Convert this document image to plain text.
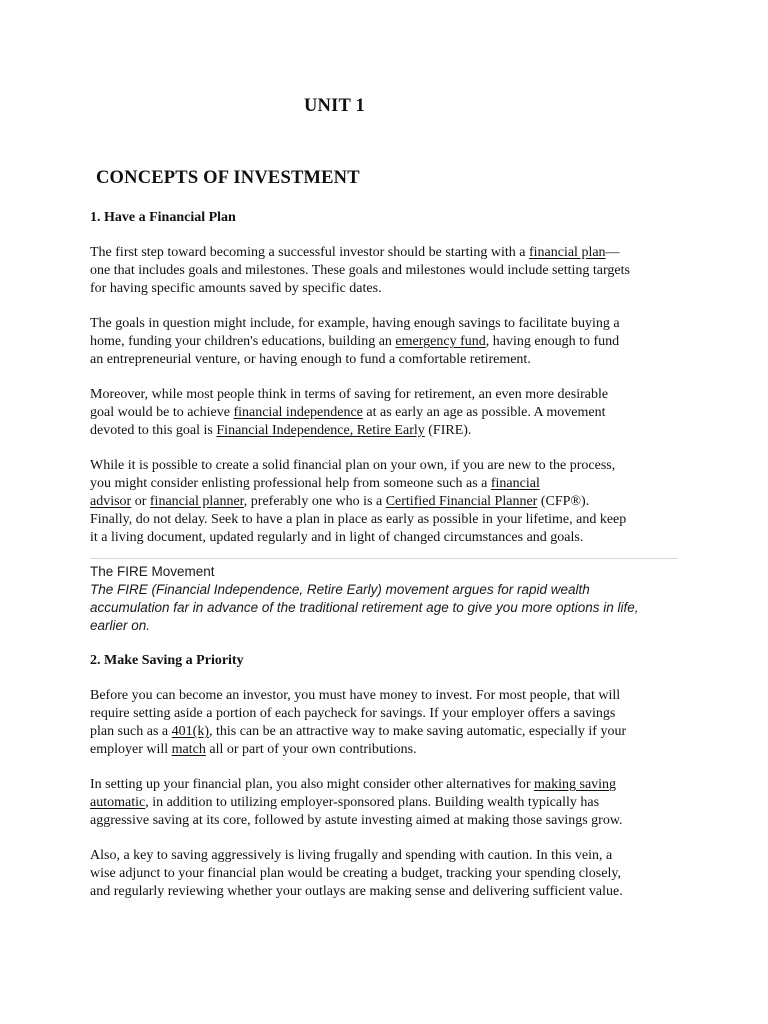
UNIT 1
CONCEPTS OF INVESTMENT
1. Have a Financial Plan

The first step toward becoming a successful investor should be starting with a financial plan—
one that includes goals and milestones. These goals and milestones would include setting targets
for having specific amounts saved by specific dates.

The goals in question might include, for example, having enough savings to facilitate buying a
home, funding your children's educations, building an emergency fund, having enough to fund
an entrepreneurial venture, or having enough to fund a comfortable retirement.

Moreover, while most people think in terms of saving for retirement, an even more desirable
goal would be to achieve financial independence at as early an age as possible. A movement
devoted to this goal is Financial Independence, Retire Early (FIRE).

While it is possible to create a solid financial plan on your own, if you are new to the process,
you might consider enlisting professional help from someone such as a financial
advisor or financial planner, preferably one who is a Certified Financial Planner (CFP®).
Finally, do not delay. Seek to have a plan in place as early as possible in your lifetime, and keep
it a living document, updated regularly and in light of changed circumstances and goals.

The FIRE Movement
The FIRE (Financial Independence, Retire Early) movement argues for rapid wealth
accumulation far in advance of the traditional retirement age to give you more options in life,
earlier on.
2. Make Saving a Priority

Before you can become an investor, you must have money to invest. For most people, that will
require setting aside a portion of each paycheck for savings. If your employer offers a savings
plan such as a 401(k), this can be an attractive way to make saving automatic, especially if your
employer will match all or part of your own contributions.

In setting up your financial plan, you also might consider other alternatives for making saving
automatic, in addition to utilizing employer-sponsored plans. Building wealth typically has
aggressive saving at its core, followed by astute investing aimed at making those savings grow.

Also, a key to saving aggressively is living frugally and spending with caution. In this vein, a
wise adjunct to your financial plan would be creating a budget, tracking your spending closely,
and regularly reviewing whether your outlays are making sense and delivering sufficient value.
